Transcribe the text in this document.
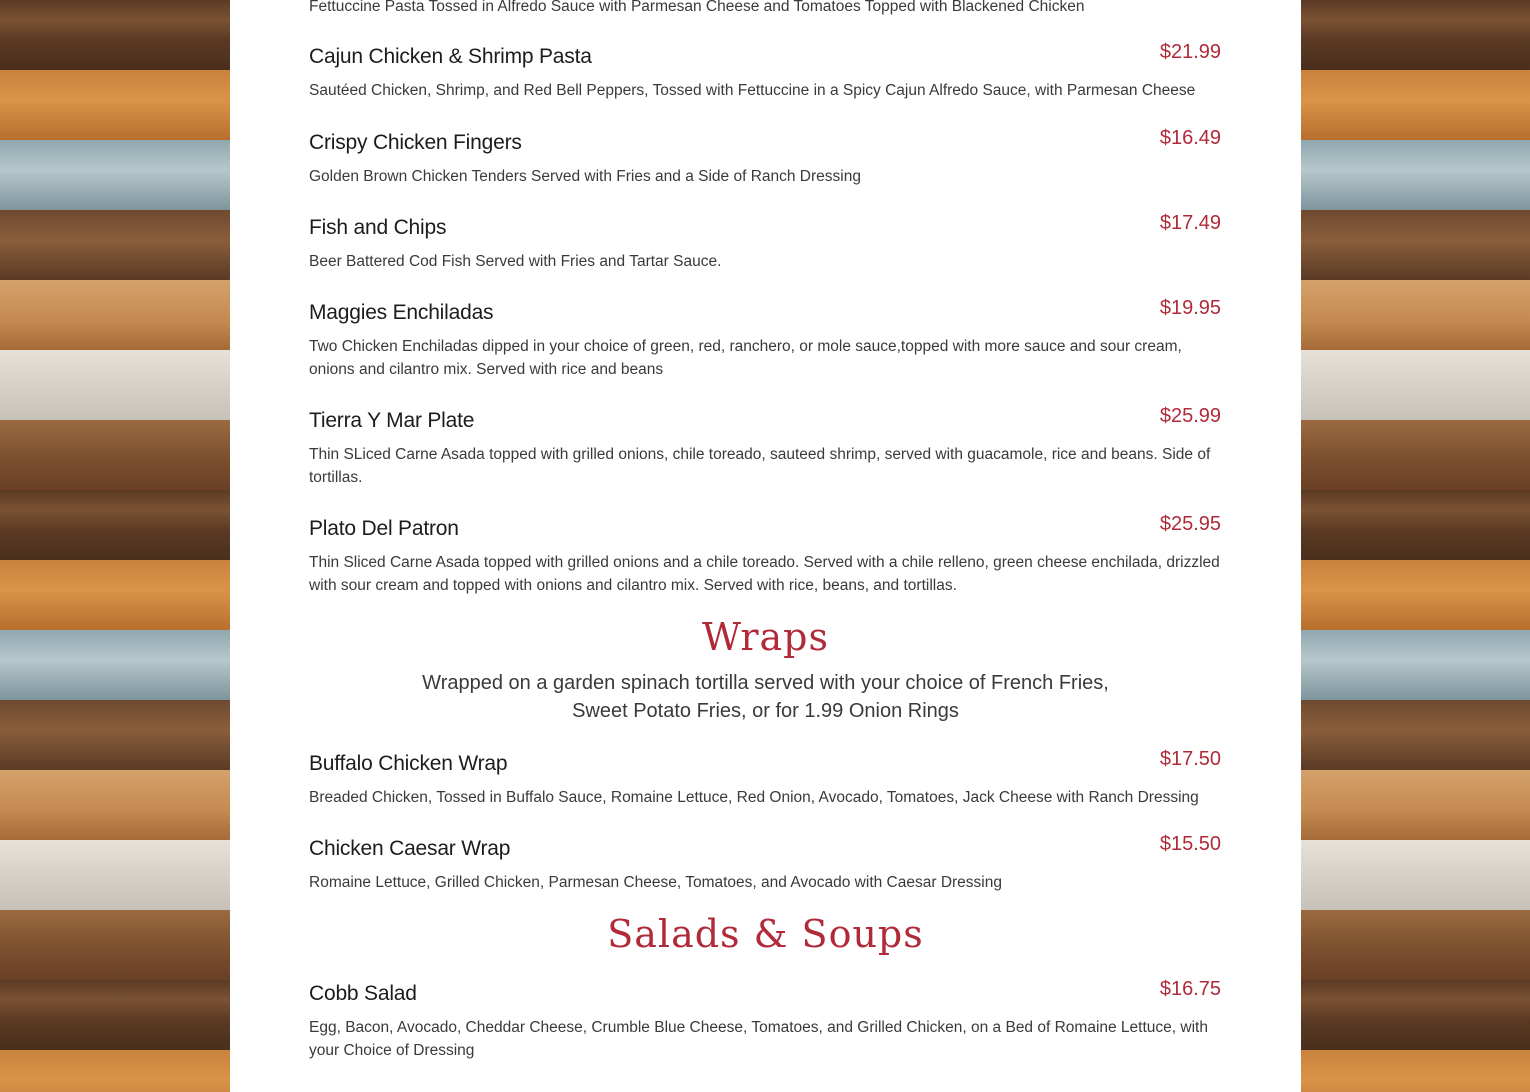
Fettuccine Pasta Tossed in Alfredo Sauce with Parmesan Cheese and Tomatoes Topped with Blackened Chicken
Cajun Chicken & Shrimp Pasta	$21.99
Sautéed Chicken, Shrimp, and Red Bell Peppers, Tossed with Fettuccine in a Spicy Cajun Alfredo Sauce, with Parmesan Cheese
Crispy Chicken Fingers	$16.49
Golden Brown Chicken Tenders Served with Fries and a Side of Ranch Dressing
Fish and Chips	$17.49
Beer Battered Cod Fish Served with Fries and Tartar Sauce.
Maggies Enchiladas	$19.95
Two Chicken Enchiladas dipped in your choice of green, red, ranchero, or mole sauce,topped with more sauce and sour cream, onions and cilantro mix. Served with rice and beans
Tierra Y Mar Plate	$25.99
Thin SLiced Carne Asada topped with grilled onions, chile toreado, sauteed shrimp, served with guacamole, rice and beans. Side of tortillas.
Plato Del Patron	$25.95
Thin Sliced Carne Asada topped with grilled onions and a chile toreado. Served with a chile relleno, green cheese enchilada, drizzled with sour cream and topped with onions and cilantro mix. Served with rice, beans, and tortillas.
Wraps
Wrapped on a garden spinach tortilla served with your choice of French Fries,
Sweet Potato Fries, or for 1.99 Onion Rings
Buffalo Chicken Wrap	$17.50
Breaded Chicken, Tossed in Buffalo Sauce, Romaine Lettuce, Red Onion, Avocado, Tomatoes, Jack Cheese with Ranch Dressing
Chicken Caesar Wrap	$15.50
Romaine Lettuce, Grilled Chicken, Parmesan Cheese, Tomatoes, and Avocado with Caesar Dressing
Salads & Soups
Cobb Salad	$16.75
Egg, Bacon, Avocado, Cheddar Cheese, Crumble Blue Cheese, Tomatoes, and Grilled Chicken, on a Bed of Romaine Lettuce, with your Choice of Dressing
